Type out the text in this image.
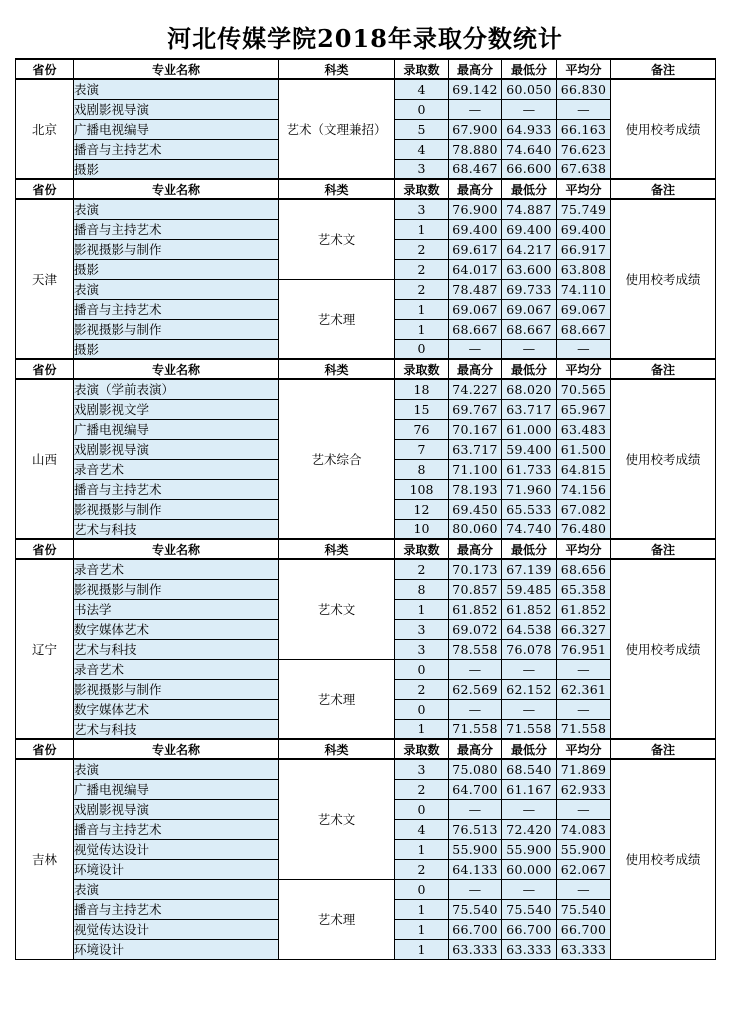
河北传媒学院2018年录取分数统计
省份	专业名称	科类	录取数	最高分	最低分	平均分	备注
北京	表演	艺术（文理兼招）	4	69.142	60.050	66.830	使用校考成绩
	戏剧影视导演		0	—	—	—	
	广播电视编导		5	67.900	64.933	66.163	
	播音与主持艺术		4	78.880	74.640	76.623	
	摄影		3	68.467	66.600	67.638	
省份	专业名称	科类	录取数	最高分	最低分	平均分	备注
天津	表演	艺术文	3	76.900	74.887	75.749	使用校考成绩
	播音与主持艺术		1	69.400	69.400	69.400	
	影视摄影与制作		2	69.617	64.217	66.917	
	摄影		2	64.017	63.600	63.808	
	表演	艺术理	2	78.487	69.733	74.110	
	播音与主持艺术		1	69.067	69.067	69.067	
	影视摄影与制作		1	68.667	68.667	68.667	
	摄影		0	—	—	—	
省份	专业名称	科类	录取数	最高分	最低分	平均分	备注
山西	表演（学前表演）	艺术综合	18	74.227	68.020	70.565	使用校考成绩
	戏剧影视文学		15	69.767	63.717	65.967	
	广播电视编导		76	70.167	61.000	63.483	
	戏剧影视导演		7	63.717	59.400	61.500	
	录音艺术		8	71.100	61.733	64.815	
	播音与主持艺术		108	78.193	71.960	74.156	
	影视摄影与制作		12	69.450	65.533	67.082	
	艺术与科技		10	80.060	74.740	76.480	
省份	专业名称	科类	录取数	最高分	最低分	平均分	备注
辽宁	录音艺术	艺术文	2	70.173	67.139	68.656	使用校考成绩
	影视摄影与制作		8	70.857	59.485	65.358	
	书法学		1	61.852	61.852	61.852	
	数字媒体艺术		3	69.072	64.538	66.327	
	艺术与科技		3	78.558	76.078	76.951	
	录音艺术	艺术理	0	—	—	—	
	影视摄影与制作		2	62.569	62.152	62.361	
	数字媒体艺术		0	—	—	—	
	艺术与科技		1	71.558	71.558	71.558	
省份	专业名称	科类	录取数	最高分	最低分	平均分	备注
吉林	表演	艺术文	3	75.080	68.540	71.869	使用校考成绩
	广播电视编导		2	64.700	61.167	62.933	
	戏剧影视导演		0	—	—	—	
	播音与主持艺术		4	76.513	72.420	74.083	
	视觉传达设计		1	55.900	55.900	55.900	
	环境设计		2	64.133	60.000	62.067	
	表演	艺术理	0	—	—	—	
	播音与主持艺术		1	75.540	75.540	75.540	
	视觉传达设计		1	66.700	66.700	66.700	
	环境设计		1	63.333	63.333	63.333	
